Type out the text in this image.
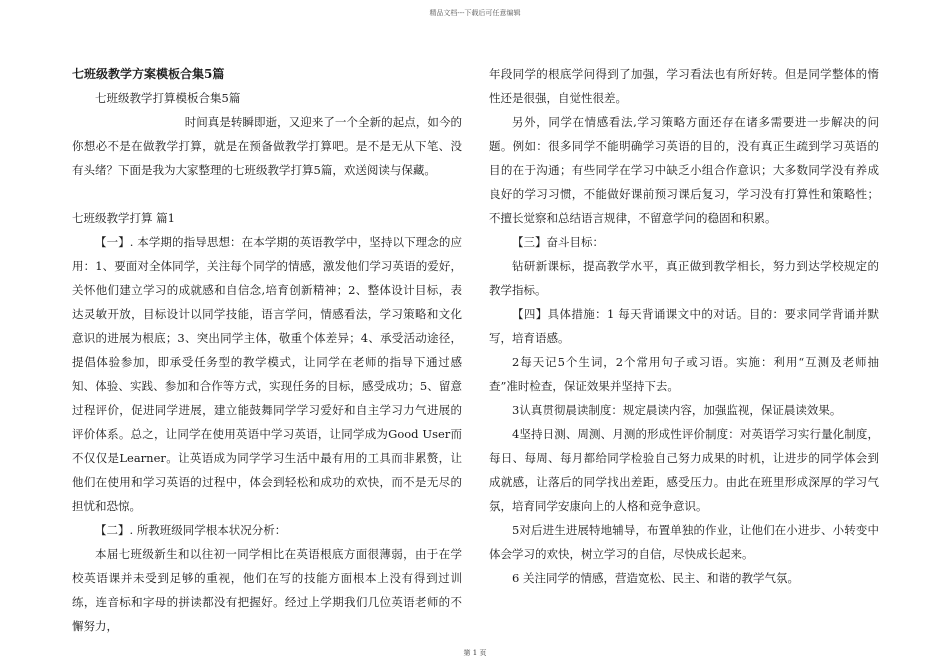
精品文档---下载后可任意编辑

七班级教学方案模板合集5篇

七班级教学打算模板合集5篇

时间真是转瞬即逝，又迎来了一个全新的起点，如今的你想必不是在做教学打算，就是在预备做教学打算吧。是不是无从下笔、没有头绪？下面是我为大家整理的七班级教学打算5篇，欢送阅读与保藏。

七班级教学打算 篇1

【一】. 本学期的指导思想：在本学期的英语教学中，坚持以下理念的应用：1、要面对全体同学，关注每个同学的情感，激发他们学习英语的爱好，关怀他们建立学习的成就感和自信念,培育创新精神；2、整体设计目标，表达灵敏开放，目标设计以同学技能，语言学问，情感看法，学习策略和文化意识的进展为根底；3、突出同学主体，敬重个体差异；4、承受活动途径，提倡体验参加，即承受任务型的教学模式，让同学在老师的指导下通过感知、体验、实践、参加和合作等方式，实现任务的目标，感受成功；5、留意过程评价，促进同学进展，建立能鼓舞同学学习爱好和自主学习力气进展的评价体系。总之，让同学在使用英语中学习英语，让同学成为Good User而不仅仅是Learner。让英语成为同学学习生活中最有用的工具而非累赘，让他们在使用和学习英语的过程中，体会到轻松和成功的欢快，而不是无尽的担忧和恐惊。

【二】. 所教班级同学根本状况分析：

本届七班级新生和以往初一同学相比在英语根底方面很薄弱，由于在学校英语课并未受到足够的重视，他们在写的技能方面根本上没有得到过训练，连音标和字母的拼读都没有把握好。经过上学期我们几位英语老师的不懈努力，

年段同学的根底学问得到了加强，学习看法也有所好转。但是同学整体的惰性还是很强，自觉性很差。

另外，同学在情感看法,学习策略方面还存在诸多需要进一步解决的问题。例如：很多同学不能明确学习英语的目的，没有真正生疏到学习英语的目的在于沟通；有些同学在学习中缺乏小组合作意识；大多数同学没有养成良好的学习习惯，不能做好课前预习课后复习，学习没有打算性和策略性；不擅长觉察和总结语言规律，不留意学问的稳固和积累。

【三】奋斗目标：

钻研新课标，提高教学水平，真正做到教学相长，努力到达学校规定的教学指标。

【四】具体措施：1 每天背诵课文中的对话。目的：要求同学背诵并默写，培育语感。

2每天记5个生词，2个常用句子或习语。实施：利用“互测及老师抽查”准时检查，保证效果并坚持下去。

3认真贯彻晨读制度：规定晨读内容，加强监视，保证晨读效果。

4坚持日测、周测、月测的形成性评价制度：对英语学习实行量化制度，每日、每周、每月都给同学检验自己努力成果的时机，让进步的同学体会到成就感，让落后的同学找出差距，感受压力。由此在班里形成深厚的学习气氛，培育同学安康向上的人格和竞争意识。

5对后进生进展特地辅导，布置单独的作业，让他们在小进步、小转变中体会学习的欢快，树立学习的自信，尽快成长起来。

6 关注同学的情感，营造宽松、民主、和谐的教学气氛。

第 1 页
